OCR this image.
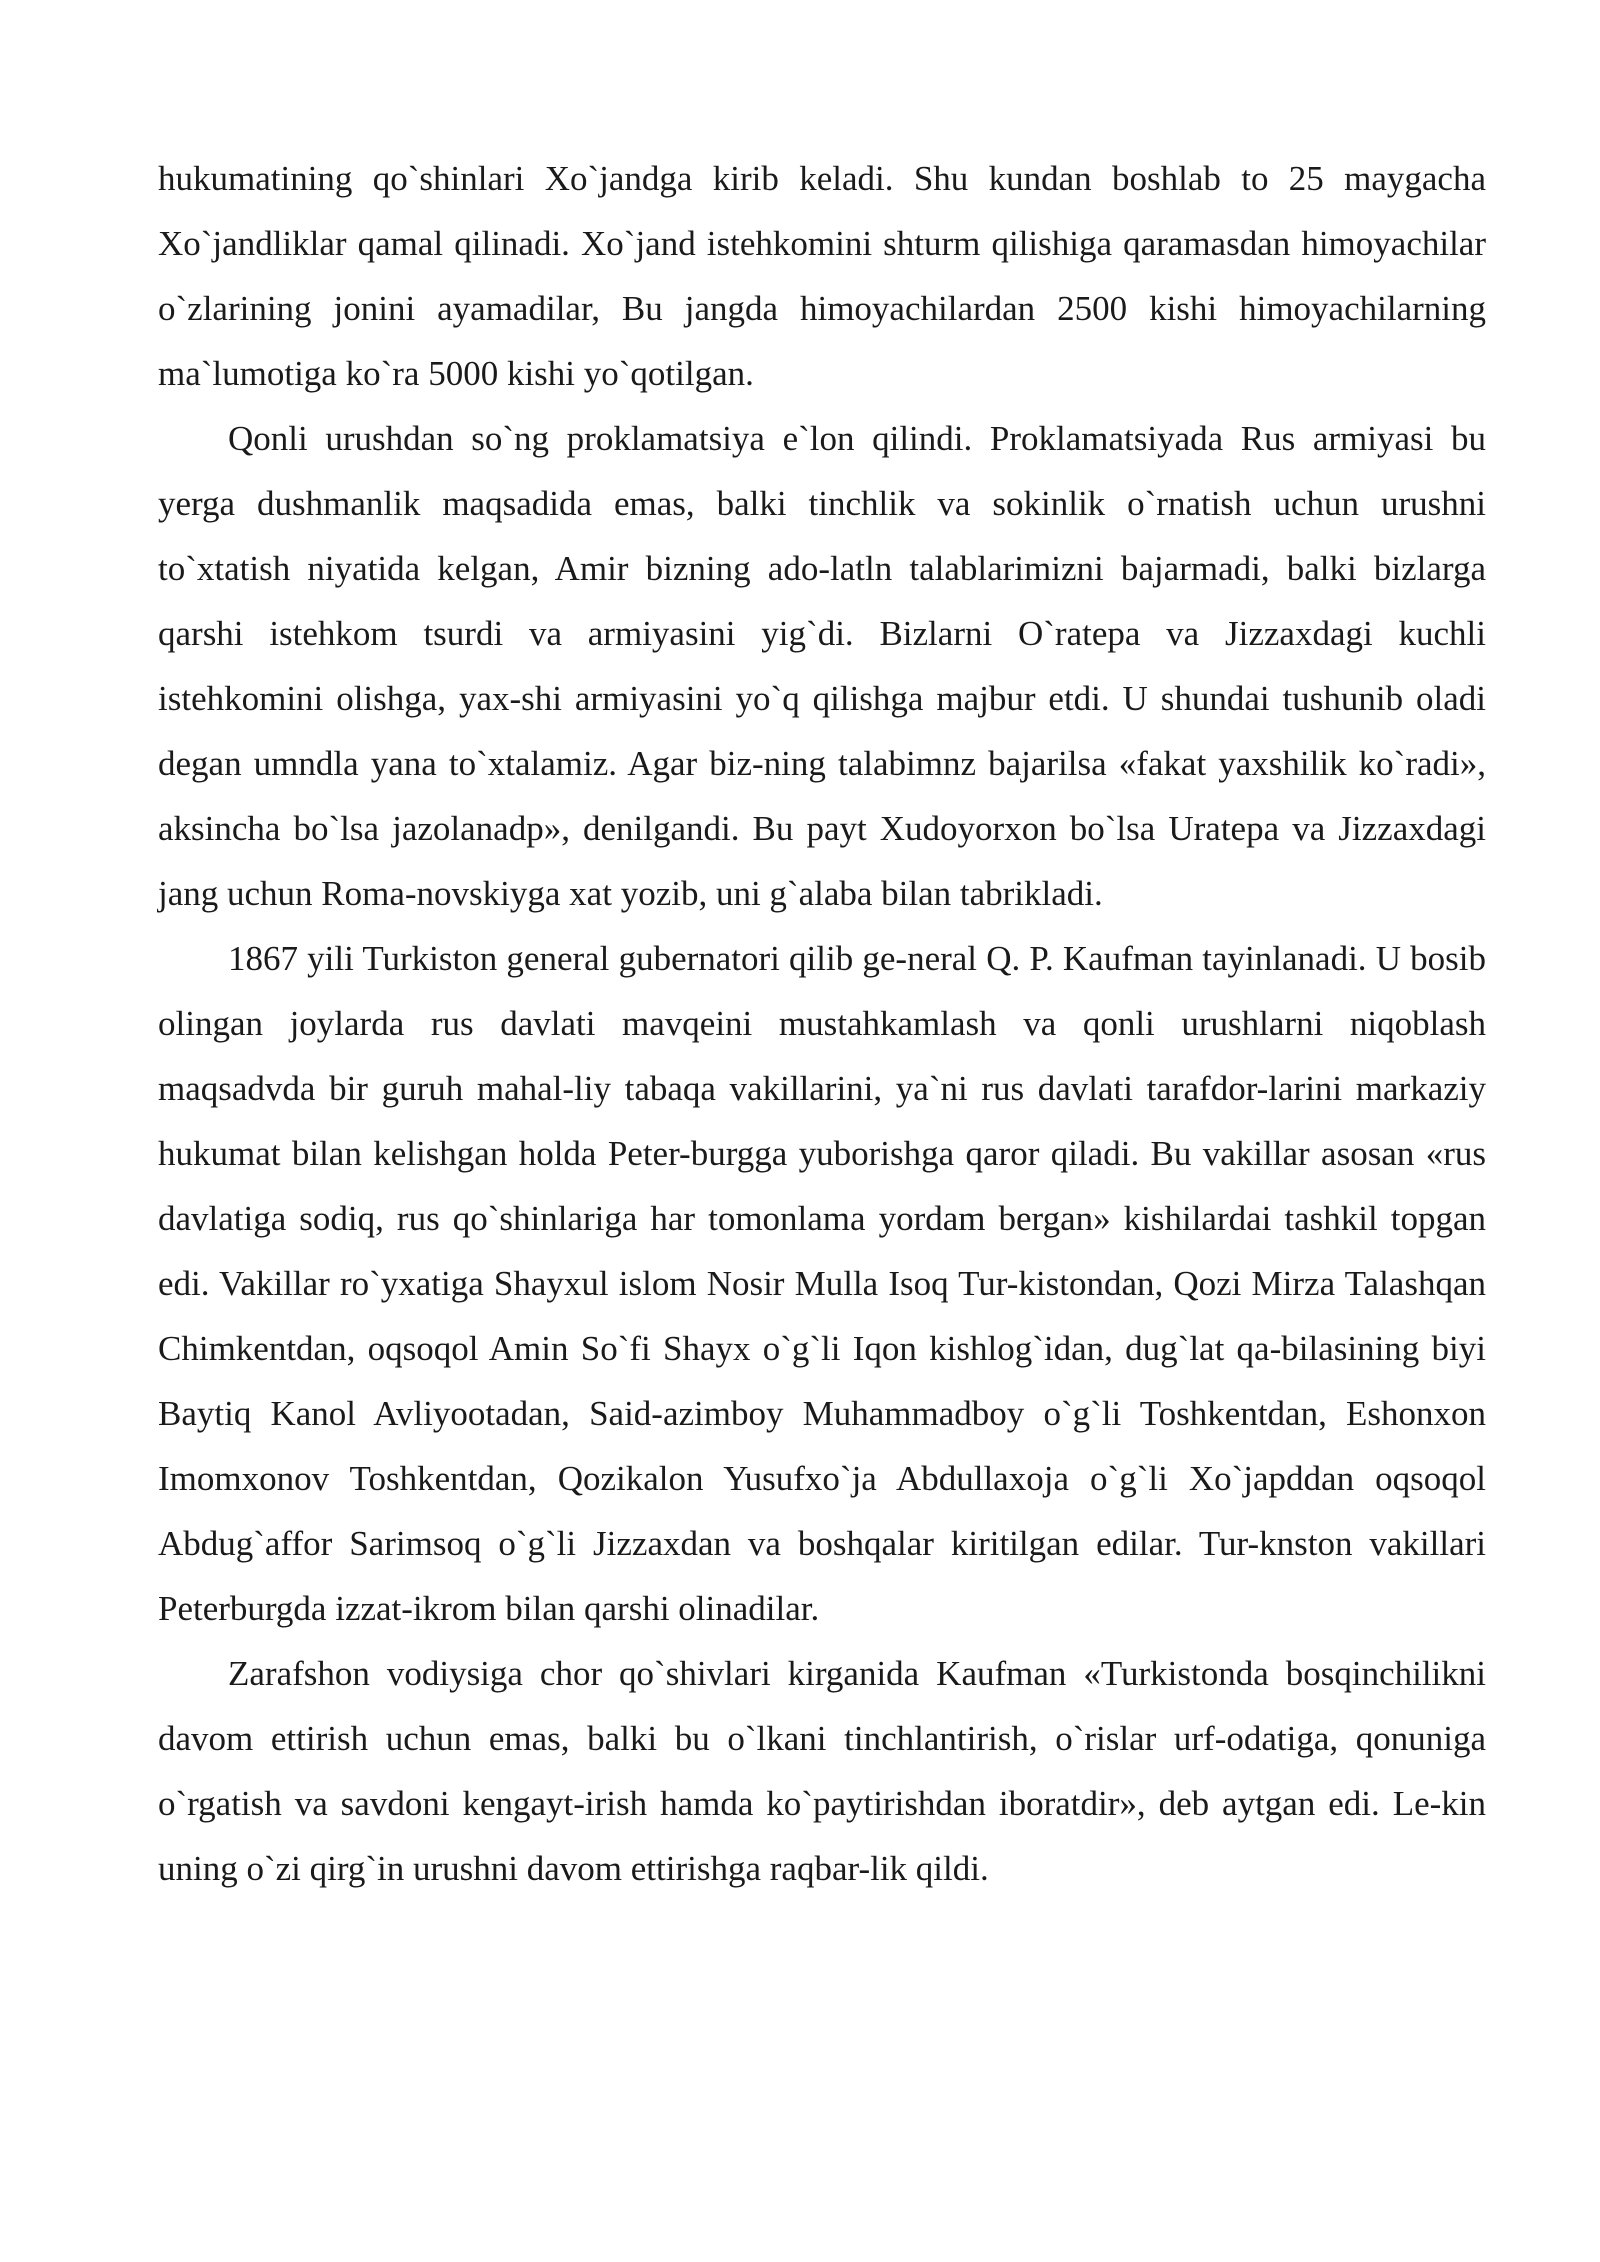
hukumatining qo`shinlari Xo`jandga kirib keladi. Shu kundan boshlab to 25 maygacha Xo`jandliklar qamal qilinadi. Xo`jand istehkomini shturm qilishiga qaramasdan himoyachilar o`zlarining jonini ayamadilar, Bu jangda himoyachilardan 2500 kishi himoyachilarning ma`lumotiga ko`ra 5000 kishi yo`qotilgan.

Qonli urushdan so`ng proklamatsiya e`lon qilindi. Proklamatsiyada Rus armiyasi bu yerga dushmanlik maqsadida emas, balki tinchlik va sokinlik o`rnatish uchun urushni to`xtatish niyatida kelgan, Amir bizning ado-latln talablarimizni bajarmadi, balki bizlarga qarshi istehkom tsurdi va armiyasini yig`di. Bizlarni O`ratepa va Jizzaxdagi kuchli istehkomini olishga, yax-shi armiyasini yo`q qilishga majbur etdi. U shundai tushunib oladi degan umndla yana to`xtalamiz. Agar biz-ning talabimnz bajarilsa «fakat yaxshilik ko`radi», aksincha bo`lsa jazolanadp», denilgandi. Bu payt Xudoyorxon bo`lsa Uratepa va Jizzaxdagi jang uchun Roma-novskiyga xat yozib, uni g`alaba bilan tabrikladi.

1867 yili Turkiston general gubernatori qilib ge-neral Q. P. Kaufman tayinlanadi. U bosib olingan joylarda rus davlati mavqeini mustahkamlash va qonli urushlarni niqoblash maqsadvda bir guruh mahal-liy tabaqa vakillarini, ya`ni rus davlati tarafdor-larini markaziy hukumat bilan kelishgan holda Peter-burgga yuborishga qaror qiladi. Bu vakillar asosan «rus davlatiga sodiq, rus qo`shinlariga har tomonlama yordam bergan» kishilardai tashkil topgan edi. Vakillar ro`yxatiga Shayxul islom Nosir Mulla Isoq Tur-kistondan, Qozi Mirza Talashqan Chimkentdan, oqsoqol Amin So`fi Shayx o`g`li Iqon kishlog`idan, dug`lat qa-bilasining biyi Baytiq Kanol Avliyootadan, Said-azimboy Muhammadboy o`g`li Toshkentdan, Eshonxon Imomxonov Toshkentdan, Qozikalon Yusufxo`ja Abdullaxoja o`g`li Xo`japddan oqsoqol Abdug`affor Sarimsoq o`g`li Jizzaxdan va boshqalar kiritilgan edilar. Tur-knston vakillari Peterburgda izzat-ikrom bilan qarshi olinadilar.

Zarafshon vodiysiga chor qo`shivlari kirganida Kaufman «Turkistonda bosqinchilikni davom ettirish uchun emas, balki bu o`lkani tinchlantirish, o`rislar urf-odatiga, qonuniga o`rgatish va savdoni kengayt-irish hamda ko`paytirishdan iboratdir», deb aytgan edi. Le-kin uning o`zi qirg`in urushni davom ettirishga raqbar-lik qildi.
